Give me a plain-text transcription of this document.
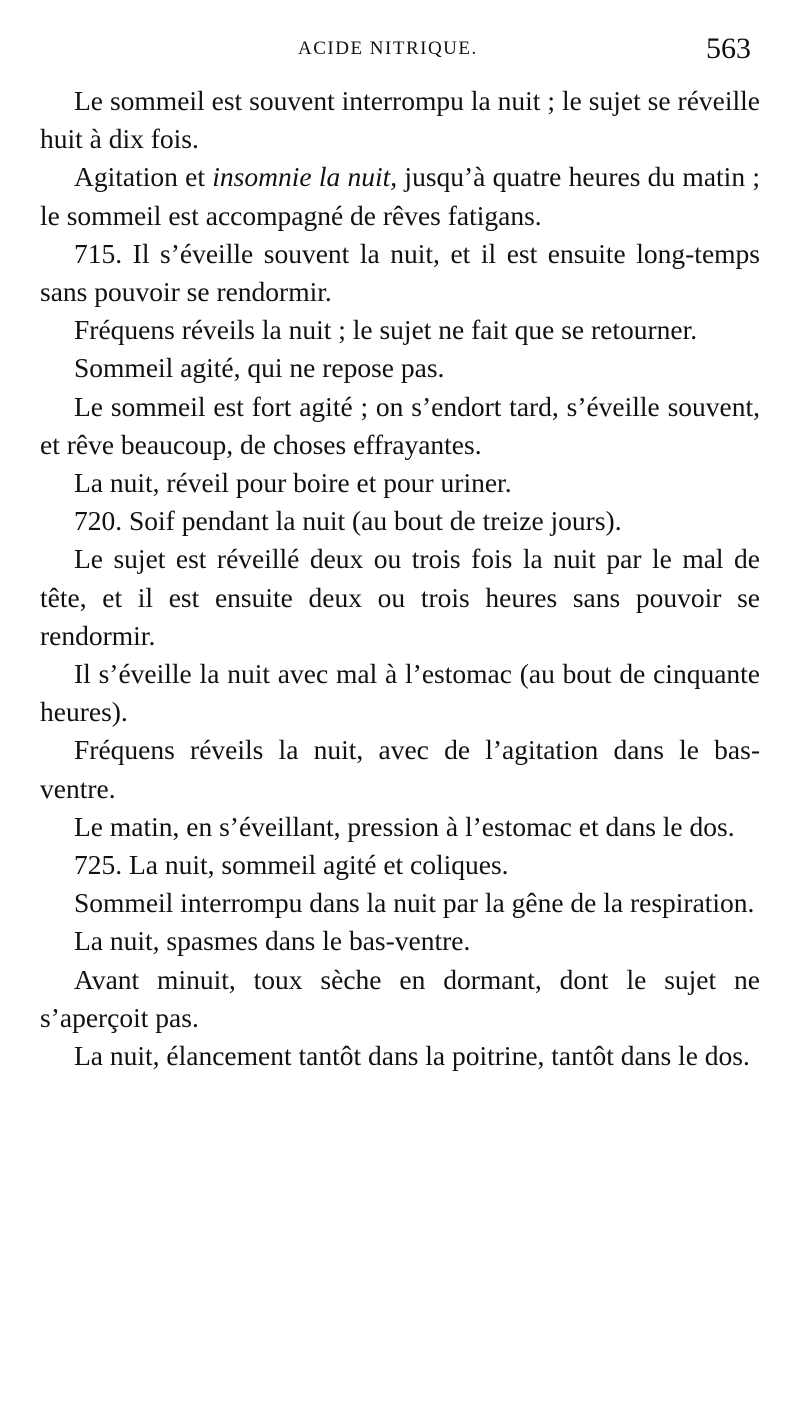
ACIDE NITRIQUE.	563

Le sommeil est souvent interrompu la nuit ; le sujet se réveille huit à dix fois.

Agitation et insomnie la nuit, jusqu’à quatre heures du matin ; le sommeil est accompagné de rêves fatigans.

715. Il s’éveille souvent la nuit, et il est ensuite long-temps sans pouvoir se rendormir.

Fréquens réveils la nuit ; le sujet ne fait que se retourner.

Sommeil agité, qui ne repose pas.

Le sommeil est fort agité ; on s’endort tard, s’éveille souvent, et rêve beaucoup, de choses effrayantes.

La nuit, réveil pour boire et pour uriner.

720. Soif pendant la nuit (au bout de treize jours).

Le sujet est réveillé deux ou trois fois la nuit par le mal de tête, et il est ensuite deux ou trois heures sans pouvoir se rendormir.

Il s’éveille la nuit avec mal à l’estomac (au bout de cinquante heures).

Fréquens réveils la nuit, avec de l’agitation dans le bas-ventre.

Le matin, en s’éveillant, pression à l’estomac et dans le dos.

725. La nuit, sommeil agité et coliques.

Sommeil interrompu dans la nuit par la gêne de la respiration.

La nuit, spasmes dans le bas-ventre.

Avant minuit, toux sèche en dormant, dont le sujet ne s’aperçoit pas.

La nuit, élancement tantôt dans la poitrine, tantôt dans le dos.
